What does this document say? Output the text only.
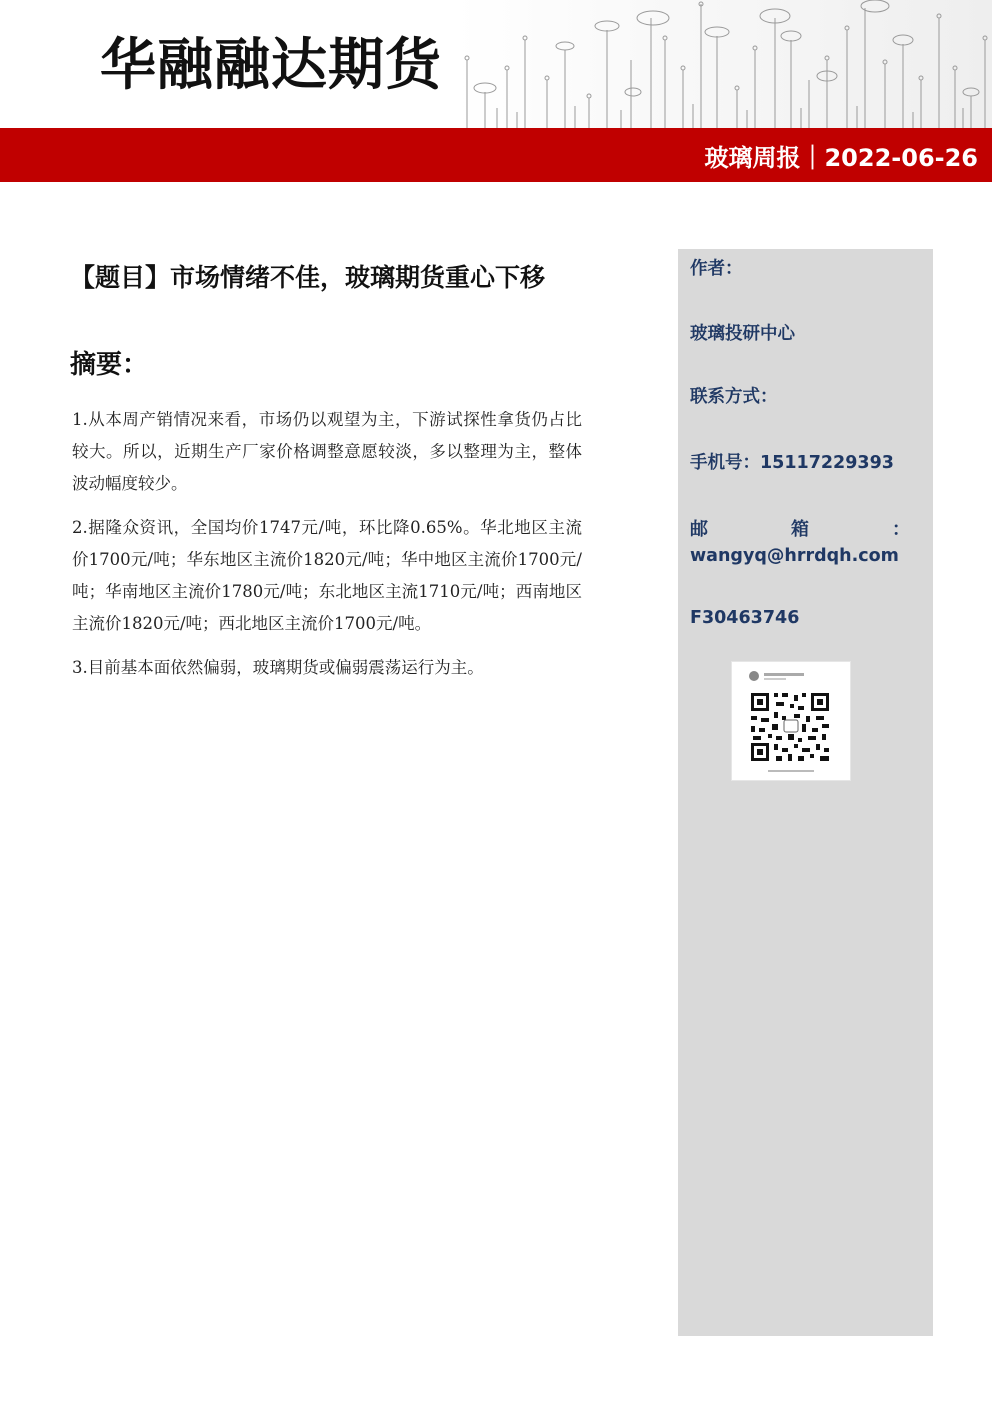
华融融达期货
玻璃周报｜2022-06-26
【题目】市场情绪不佳，玻璃期货重心下移
摘要：

1.从本周产销情况来看，市场仍以观望为主，下游试探性拿货仍占比较大。所以，近期生产厂家价格调整意愿较淡，多以整理为主，整体波动幅度较少。

2.据隆众资讯，全国均价1747元/吨，环比降0.65%。华北地区主流价1700元/吨；华东地区主流价1820元/吨；华中地区主流价1700元/吨；华南地区主流价1780元/吨；东北地区主流1710元/吨；西南地区主流价1820元/吨；西北地区主流价1700元/吨。

3.目前基本面依然偏弱，玻璃期货或偏弱震荡运行为主。

作者：
玻璃投研中心
联系方式：
手机号：15117229393
邮	箱	：
wangyq@hrrdqh.com
F30463746
